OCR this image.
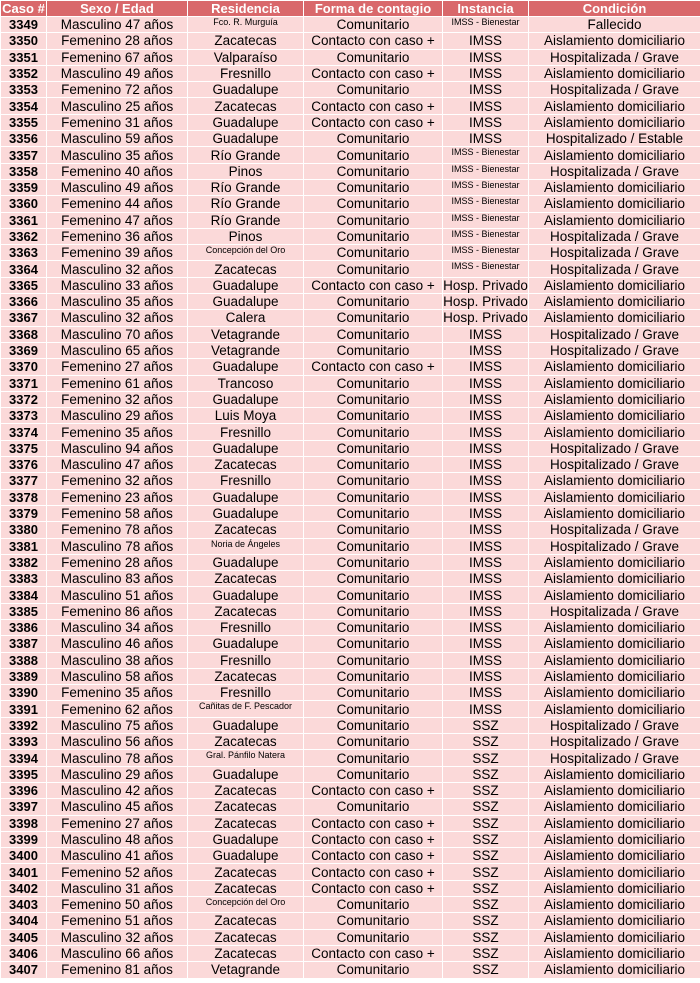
Caso #	Sexo / Edad	Residencia	Forma de contagio	Instancia	Condición
3349	Masculino 47 años	Fco. R. Murguía	Comunitario	IMSS - Bienestar	Fallecido
3350	Femenino 28 años	Zacatecas	Contacto con caso +	IMSS	Aislamiento domiciliario
3351	Femenino 67 años	Valparaíso	Comunitario	IMSS	Hospitalizada / Grave
3352	Masculino 49 años	Fresnillo	Contacto con caso +	IMSS	Aislamiento domiciliario
3353	Femenino 72 años	Guadalupe	Comunitario	IMSS	Hospitalizada / Grave
3354	Masculino 25 años	Zacatecas	Contacto con caso +	IMSS	Aislamiento domiciliario
3355	Femenino 31 años	Guadalupe	Contacto con caso +	IMSS	Aislamiento domiciliario
3356	Masculino 59 años	Guadalupe	Comunitario	IMSS	Hospitalizado / Estable
3357	Masculino 35 años	Río Grande	Comunitario	IMSS - Bienestar	Aislamiento domiciliario
3358	Femenino 40 años	Pinos	Comunitario	IMSS - Bienestar	Hospitalizada / Grave
3359	Masculino 49 años	Río Grande	Comunitario	IMSS - Bienestar	Aislamiento domiciliario
3360	Femenino 44 años	Río Grande	Comunitario	IMSS - Bienestar	Aislamiento domiciliario
3361	Femenino 47 años	Río Grande	Comunitario	IMSS - Bienestar	Aislamiento domiciliario
3362	Femenino 36 años	Pinos	Comunitario	IMSS - Bienestar	Hospitalizada / Grave
3363	Femenino 39 años	Concepción del Oro	Comunitario	IMSS - Bienestar	Hospitalizada / Grave
3364	Masculino 32 años	Zacatecas	Comunitario	IMSS - Bienestar	Hospitalizada / Grave
3365	Masculino 33 años	Guadalupe	Contacto con caso +	Hosp. Privado	Aislamiento domiciliario
3366	Masculino 35 años	Guadalupe	Comunitario	Hosp. Privado	Aislamiento domiciliario
3367	Masculino 32 años	Calera	Comunitario	Hosp. Privado	Aislamiento domiciliario
3368	Masculino 70 años	Vetagrande	Comunitario	IMSS	Hospitalizado / Grave
3369	Masculino 65 años	Vetagrande	Comunitario	IMSS	Hospitalizado / Grave
3370	Femenino 27 años	Guadalupe	Contacto con caso +	IMSS	Aislamiento domiciliario
3371	Femenino 61 años	Trancoso	Comunitario	IMSS	Aislamiento domiciliario
3372	Femenino 32 años	Guadalupe	Comunitario	IMSS	Aislamiento domiciliario
3373	Masculino 29 años	Luis Moya	Comunitario	IMSS	Aislamiento domiciliario
3374	Femenino 35 años	Fresnillo	Comunitario	IMSS	Aislamiento domiciliario
3375	Masculino 94 años	Guadalupe	Comunitario	IMSS	Hospitalizado / Grave
3376	Masculino 47 años	Zacatecas	Comunitario	IMSS	Hospitalizado / Grave
3377	Femenino 32 años	Fresnillo	Comunitario	IMSS	Aislamiento domiciliario
3378	Femenino 23 años	Guadalupe	Comunitario	IMSS	Aislamiento domiciliario
3379	Femenino 58 años	Guadalupe	Comunitario	IMSS	Aislamiento domiciliario
3380	Femenino 78 años	Zacatecas	Comunitario	IMSS	Hospitalizada / Grave
3381	Masculino 78 años	Noria de Ángeles	Comunitario	IMSS	Hospitalizado / Grave
3382	Femenino 28 años	Guadalupe	Comunitario	IMSS	Aislamiento domiciliario
3383	Masculino 83 años	Zacatecas	Comunitario	IMSS	Aislamiento domiciliario
3384	Masculino 51 años	Guadalupe	Comunitario	IMSS	Aislamiento domiciliario
3385	Femenino 86 años	Zacatecas	Comunitario	IMSS	Hospitalizada / Grave
3386	Masculino 34 años	Fresnillo	Comunitario	IMSS	Aislamiento domiciliario
3387	Masculino 46 años	Guadalupe	Comunitario	IMSS	Aislamiento domiciliario
3388	Masculino 38 años	Fresnillo	Comunitario	IMSS	Aislamiento domiciliario
3389	Masculino 58 años	Zacatecas	Comunitario	IMSS	Aislamiento domiciliario
3390	Femenino 35 años	Fresnillo	Comunitario	IMSS	Aislamiento domiciliario
3391	Femenino 62 años	Cañitas de F. Pescador	Comunitario	IMSS	Aislamiento domiciliario
3392	Masculino 75 años	Guadalupe	Comunitario	SSZ	Hospitalizado / Grave
3393	Masculino 56 años	Zacatecas	Comunitario	SSZ	Hospitalizado / Grave
3394	Masculino 78 años	Gral. Pánfilo Natera	Comunitario	SSZ	Hospitalizado / Grave
3395	Masculino 29 años	Guadalupe	Comunitario	SSZ	Aislamiento domiciliario
3396	Masculino 42 años	Zacatecas	Contacto con caso +	SSZ	Aislamiento domiciliario
3397	Masculino 45 años	Zacatecas	Comunitario	SSZ	Aislamiento domiciliario
3398	Femenino 27 años	Zacatecas	Contacto con caso +	SSZ	Aislamiento domiciliario
3399	Masculino 48 años	Guadalupe	Contacto con caso +	SSZ	Aislamiento domiciliario
3400	Masculino 41 años	Guadalupe	Contacto con caso +	SSZ	Aislamiento domiciliario
3401	Femenino 52 años	Zacatecas	Contacto con caso +	SSZ	Aislamiento domiciliario
3402	Masculino 31 años	Zacatecas	Contacto con caso +	SSZ	Aislamiento domiciliario
3403	Femenino 50 años	Concepción del Oro	Comunitario	SSZ	Aislamiento domiciliario
3404	Femenino 51 años	Zacatecas	Comunitario	SSZ	Aislamiento domiciliario
3405	Masculino 32 años	Zacatecas	Comunitario	SSZ	Aislamiento domiciliario
3406	Masculino 66 años	Zacatecas	Contacto con caso +	SSZ	Aislamiento domiciliario
3407	Femenino 81 años	Vetagrande	Comunitario	SSZ	Aislamiento domiciliario
